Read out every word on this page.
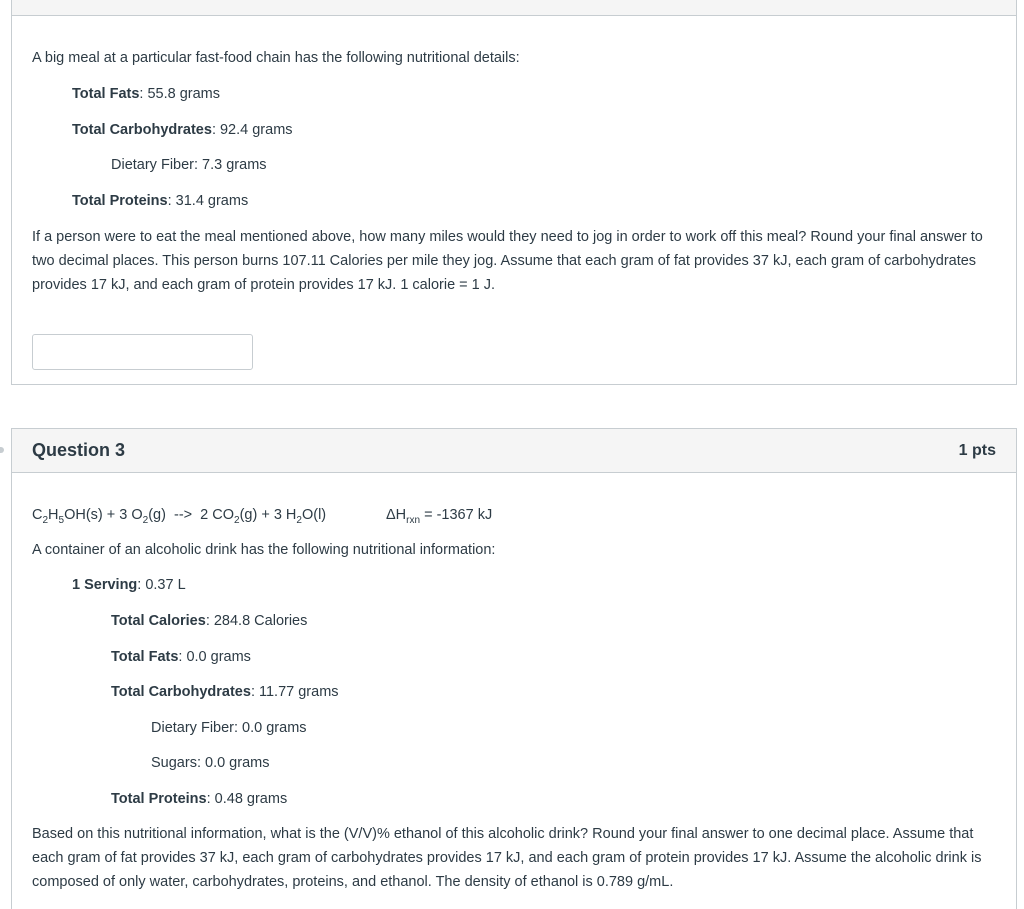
A big meal at a particular fast-food chain has the following nutritional details:
Total Fats: 55.8 grams
Total Carbohydrates: 92.4 grams
Dietary Fiber: 7.3 grams
Total Proteins: 31.4 grams
If a person were to eat the meal mentioned above, how many miles would they need to jog in order to work off this meal? Round your final answer to two decimal places. This person burns 107.11 Calories per mile they jog. Assume that each gram of fat provides 37 kJ, each gram of carbohydrates provides 17 kJ, and each gram of protein provides 17 kJ. 1 calorie = 1 J.
Question 3	1 pts
$C_2H_5OH(s) + 3$ $O_2(g)$  -->  2 $CO_2(g) + 3$ $H_2O(l)$	$\Delta H_{rxn} = -1367$ kJ
A container of an alcoholic drink has the following nutritional information:
1 Serving: 0.37 L
Total Calories: 284.8 Calories
Total Fats: 0.0 grams
Total Carbohydrates: 11.77 grams
Dietary Fiber: 0.0 grams
Sugars: 0.0 grams
Total Proteins: 0.48 grams
Based on this nutritional information, what is the (V/V)% ethanol of this alcoholic drink? Round your final answer to one decimal place. Assume that each gram of fat provides 37 kJ, each gram of carbohydrates provides 17 kJ, and each gram of protein provides 17 kJ. Assume the alcoholic drink is composed of only water, carbohydrates, proteins, and ethanol. The density of ethanol is 0.789 g/mL.
